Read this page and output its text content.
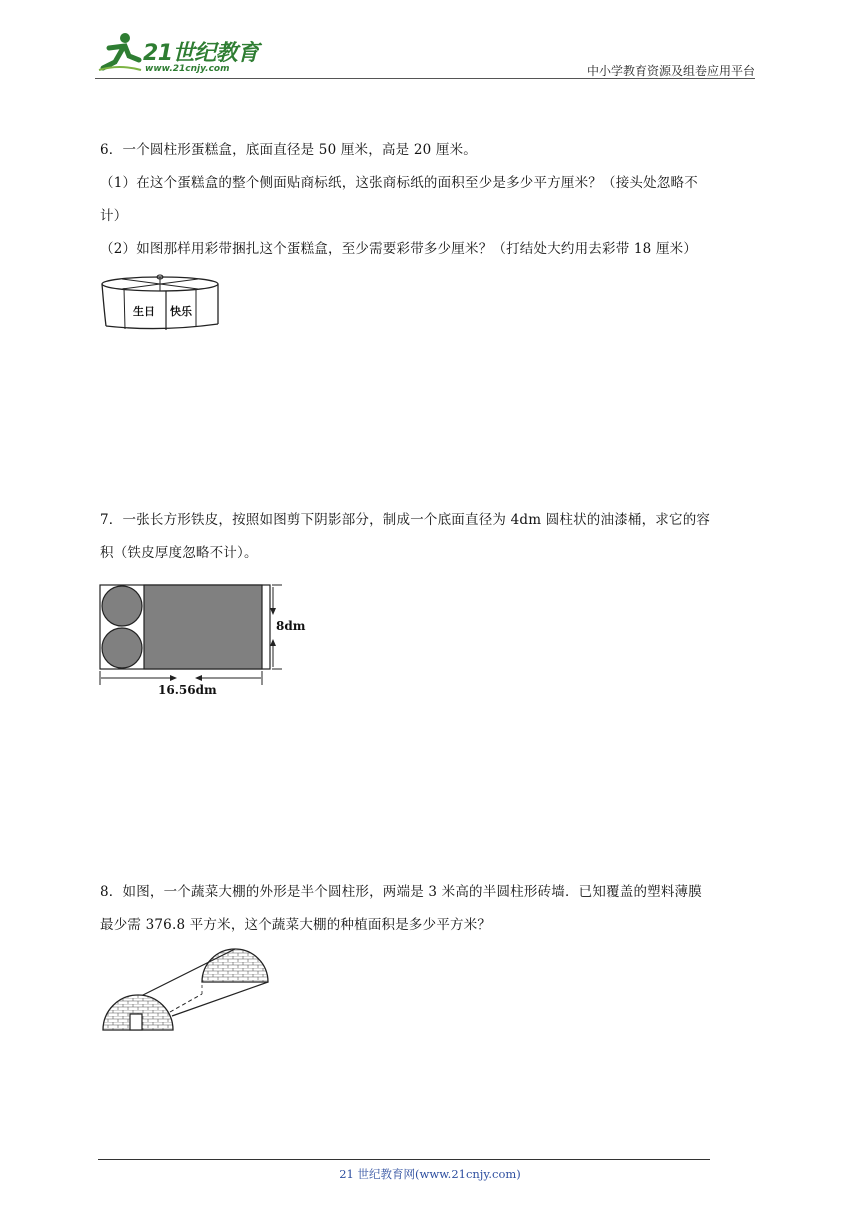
21世纪教育
www.21cnjy.com	中小学教育资源及组卷应用平台

6．一个圆柱形蛋糕盒，底面直径是 50 厘米，高是 20 厘米。

（1）在这个蛋糕盒的整个侧面贴商标纸，这张商标纸的面积至少是多少平方厘米？（接头处忽略不

计）

（2）如图那样用彩带捆扎这个蛋糕盒，至少需要彩带多少厘米？（打结处大约用去彩带 18 厘米）

生日 快乐

7．一张长方形铁皮，按照如图剪下阴影部分，制成一个底面直径为 4dm 圆柱状的油漆桶，求它的容

积（铁皮厚度忽略不计）。

8dm
16.56dm

8．如图，一个蔬菜大棚的外形是半个圆柱形，两端是 3 米高的半圆柱形砖墙．已知覆盖的塑料薄膜

最少需 376.8 平方米，这个蔬菜大棚的种植面积是多少平方米？

21 世纪教育网(www.21cnjy.com)
